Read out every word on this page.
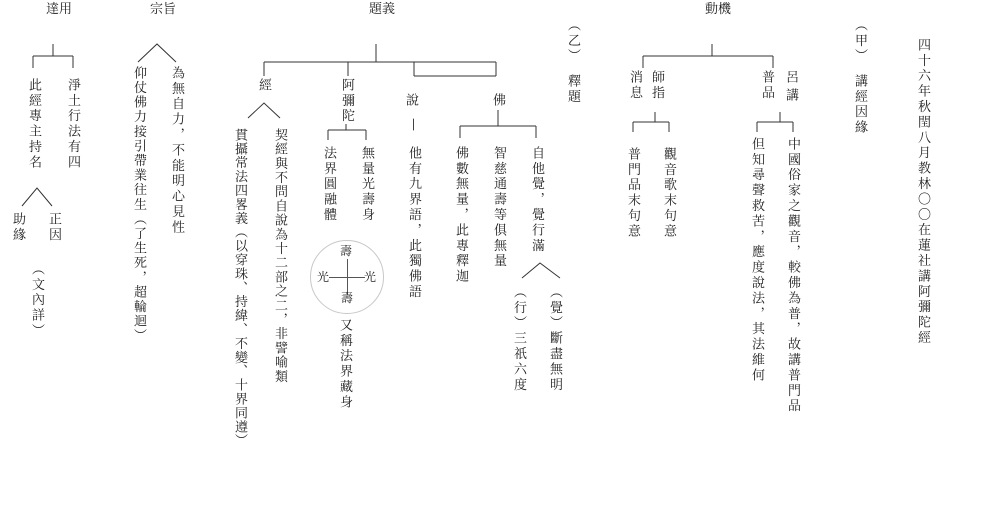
四十六年秋閏八月教林〇〇在蓮社講阿彌陀經
（甲）
講經因緣
動機
呂
講
普品
中國俗家之觀音，較佛為普，故講普門品
但知尋聲救苦，應度說法，其法維何
師指
消息
觀音歌末句意
普門品末句意
（乙）
釋題
題義
佛
自他覺，覺行滿
（覺）斷盡無明
（行）三祇六度
智慈通壽等俱無量
佛數無量，此專釋迦
說
—
他有九界語，此獨佛語
阿彌陀
無量光壽身
法界圓融體
又稱法界藏身
壽
壽
光	光
經
契經與不問自說為十二部之二，非譬喻類
貫攝常法四畧義（以穿珠、持緯、不變、十界同遵）
宗旨
為無自力，不能明心見性
仰仗佛力接引帶業往生（了生死，超輪迴）
達用
淨土行法有四
此經專主持名
正因
助緣
（文內詳）
